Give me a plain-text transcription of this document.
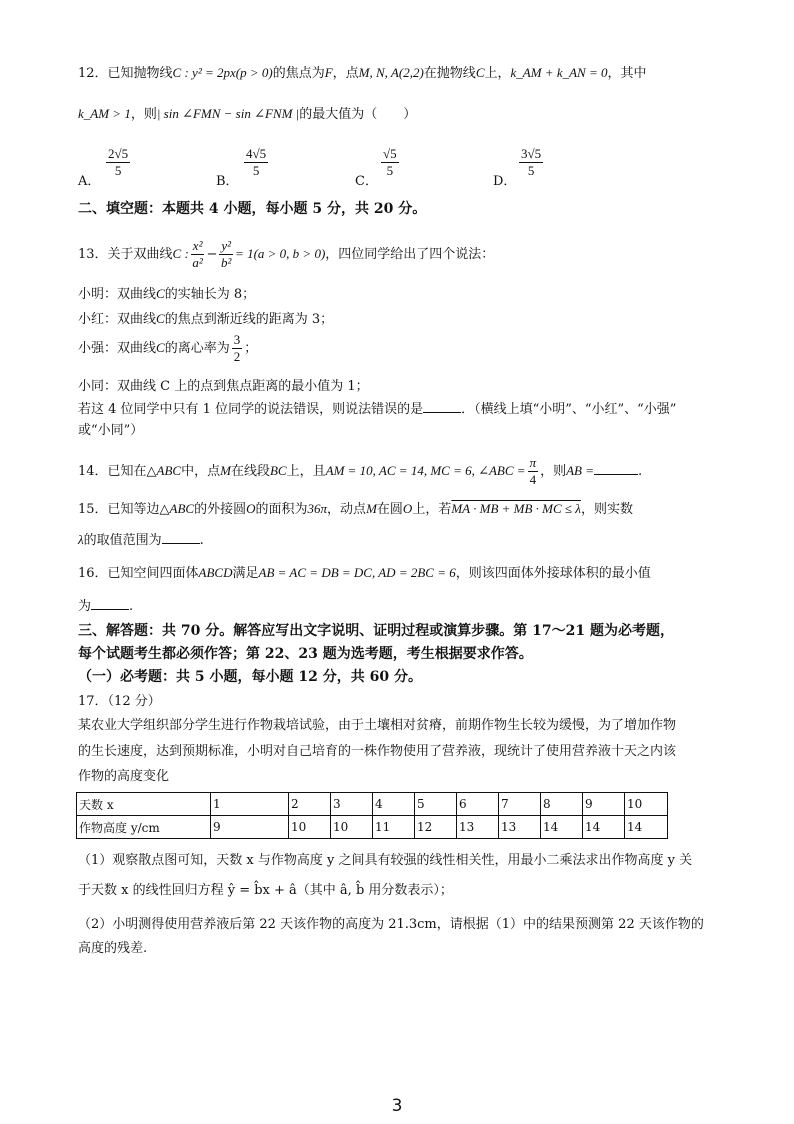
12．已知抛物线C : y² = 2px(p > 0)的焦点为F，点M, N, A(2,2)在抛物线C上，k_AM + k_AN = 0，其中
k_AM > 1，则| sin ∠FMN − sin ∠FNM |的最大值为（　　）
A．
$\frac{2√5}{5}$
B．
$\frac{4√5}{5}$
C．
$\frac{√5}{5}$
D．
$\frac{3√5}{5}$
二、填空题：本题共 4 小题，每小题 5 分，共 20 分。
13．关于双曲线C : $\frac{\text{x²}}{\text{a²}} - \frac{\text{y²}}{\text{b²}} = 1(a > 0$, b > 0)，四位同学给出了四个说法：
小明：双曲线C的实轴长为 8；
小红：双曲线C的焦点到渐近线的距离为 3；
小强：双曲线C的离心率为 $\frac{3}{2}$ ；
小同：双曲线 C 上的点到焦点距离的最小值为 1；
若这 4 位同学中只有 1 位同学的说法错误，则说法错误的是	．（横线上填“小明”、“小红”、“小强”
或“小同”）
14．已知在△ABC中，点M在线段BC上，且AM = 10, AC = 14, MC = 6, ∠ABC = $\frac{\pi}{4}$ ，则AB =	.
15．已知等边△ABC的外接圆O的面积为36π，动点M在圆O上，若MA · MB + MB · MC ≤ λ，则实数
λ的取值范围为	.
16．已知空间四面体ABCD满足AB = AC = DB = DC, AD = 2BC = 6，则该四面体外接球体积的最小值
为	.
三、解答题：共 70 分。解答应写出文字说明、证明过程或演算步骤。第 17～21 题为必考题，
每个试题考生都必须作答；第 22、23 题为选考题，考生根据要求作答。
（一）必考题：共 5 小题，每小题 12 分，共 60 分。
17．（12 分）
某农业大学组织部分学生进行作物栽培试验，由于土壤相对贫瘠，前期作物生长较为缓慢，为了增加作物
的生长速度，达到预期标准，小明对自己培育的一株作物使用了营养液，现统计了使用营养液十天之内该
作物的高度变化
天数 x	1	2	3	4	5	6	7	8	9	10
作物高度 y/cm	9	10	10	11	12	13	13	14	14	14
（1）观察散点图可知，天数 x 与作物高度 y 之间具有较强的线性相关性，用最小二乘法求出作物高度 y 关
于天数 x 的线性回归方程 ŷ = b̂x + â（其中 â, b̂ 用分数表示）；
（2）小明测得使用营养液后第 22 天该作物的高度为 21.3cm，请根据（1）中的结果预测第 22 天该作物的
高度的残差.
3
